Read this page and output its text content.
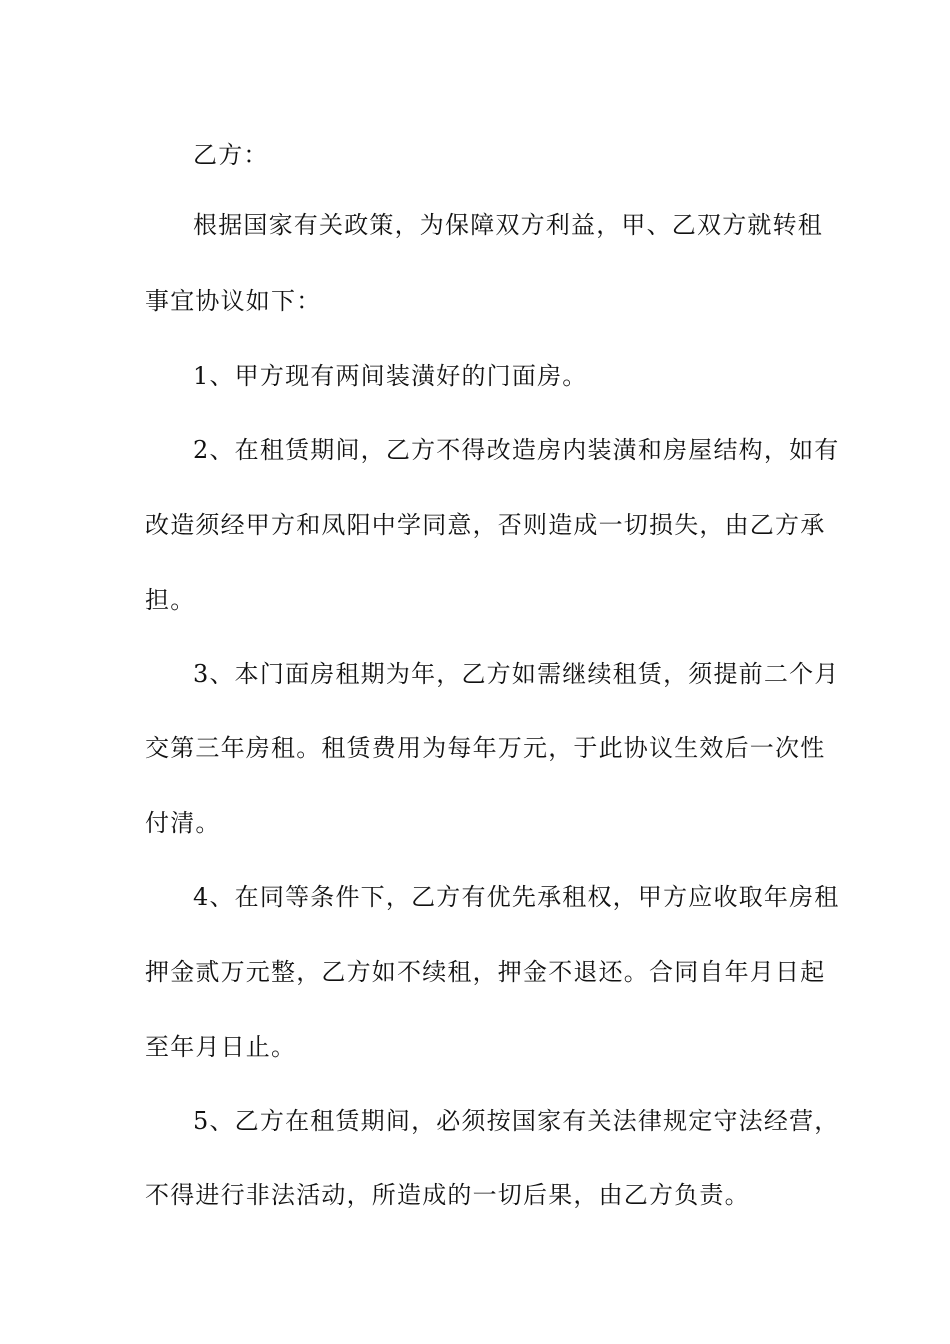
乙方：
根据国家有关政策，为保障双方利益，甲、乙双方就转租
事宜协议如下：
1、甲方现有两间装潢好的门面房。
2、在租赁期间，乙方不得改造房内装潢和房屋结构，如有
改造须经甲方和凤阳中学同意，否则造成一切损失，由乙方承
担。
3、本门面房租期为年，乙方如需继续租赁，须提前二个月
交第三年房租。租赁费用为每年万元，于此协议生效后一次性
付清。
4、在同等条件下，乙方有优先承租权，甲方应收取年房租
押金贰万元整，乙方如不续租，押金不退还。合同自年月日起
至年月日止。
5、乙方在租赁期间，必须按国家有关法律规定守法经营，
不得进行非法活动，所造成的一切后果，由乙方负责。
